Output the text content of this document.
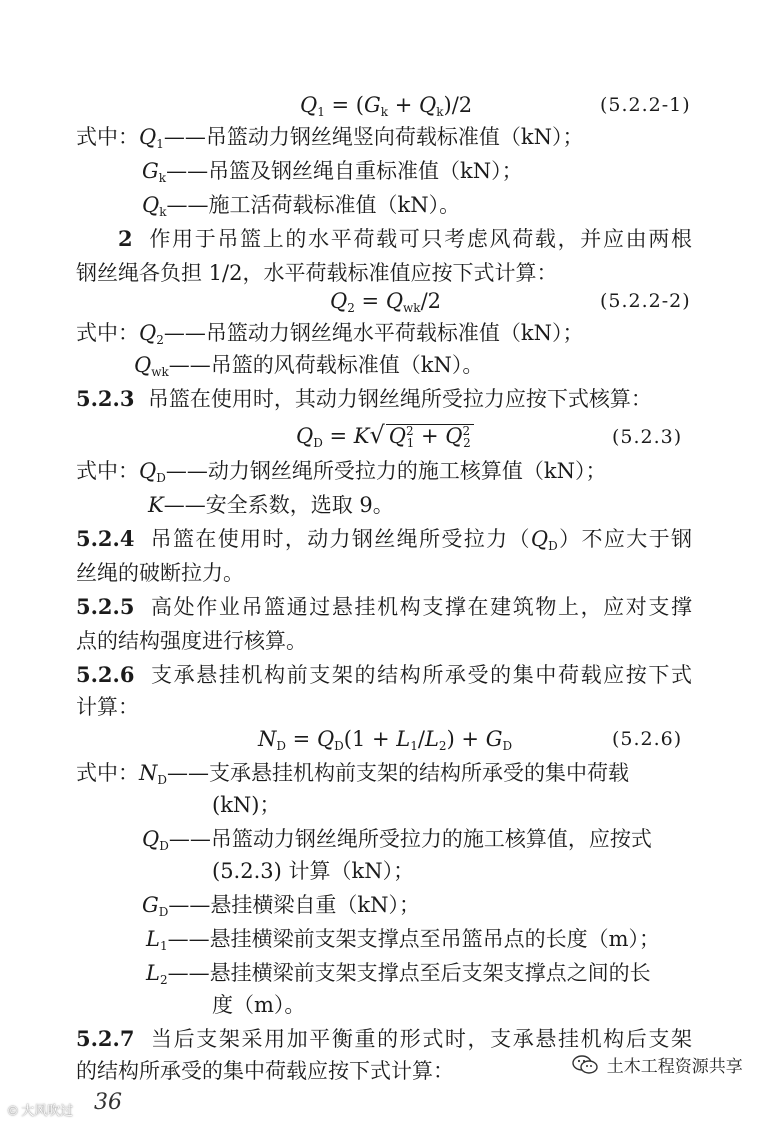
$Q_1 = (G_k + Q_k)/2$	(5.2.2-1)
式中：$Q_1——$吊篮动力钢丝绳竖向荷载标准值（kN）；
$G_k——$吊篮及钢丝绳自重标准值（kN）；
$Q_k——$施工活荷载标准值（kN）。
2 作用于吊篮上的水平荷载可只考虑风荷载，并应由两根
钢丝绳各负担 1/2，水平荷载标准值应按下式计算：
$Q_2 = Q_{wk}/2$	(5.2.2-2)
式中：$Q_2——$吊篮动力钢丝绳水平荷载标准值（kN）；
$Q_{wk}——$吊篮的风荷载标准值（kN）。
5.2.3 吊篮在使用时，其动力钢丝绳所受拉力应按下式核算：
$Q_D = K√$ $Q^2_1 + Q^2_2$	(5.2.3)
式中：$Q_D——$动力钢丝绳所受拉力的施工核算值（kN）；
K——安全系数，选取 9。
5.2.4 吊篮在使用时，动力钢丝绳所受拉力$(Q_D)$不应大于钢
丝绳的破断拉力。
5.2.5 高处作业吊篮通过悬挂机构支撑在建筑物上，应对支撑
点的结构强度进行核算。
5.2.6 支承悬挂机构前支架的结构所承受的集中荷载应按下式
计算：
$N_D = Q_D(1 + L_1/L_2) + G_D$	(5.2.6)
式中：$N_D——$支承悬挂机构前支架的结构所承受的集中荷载
(kN)；
$Q_D——$吊篮动力钢丝绳所受拉力的施工核算值，应按式
(5.2.3) 计算（kN）；
$G_D——$悬挂横梁自重（kN）；
$L_1——$悬挂横梁前支架支撑点至吊篮吊点的长度（m）；
$L_2——$悬挂横梁前支架支撑点至后支架支撑点之间的长
度（m）。
5.2.7 当后支架采用加平衡重的形式时，支承悬挂机构后支架
的结构所承受的集中荷载应按下式计算：
36
© 大风吹过
土木工程资源共享
